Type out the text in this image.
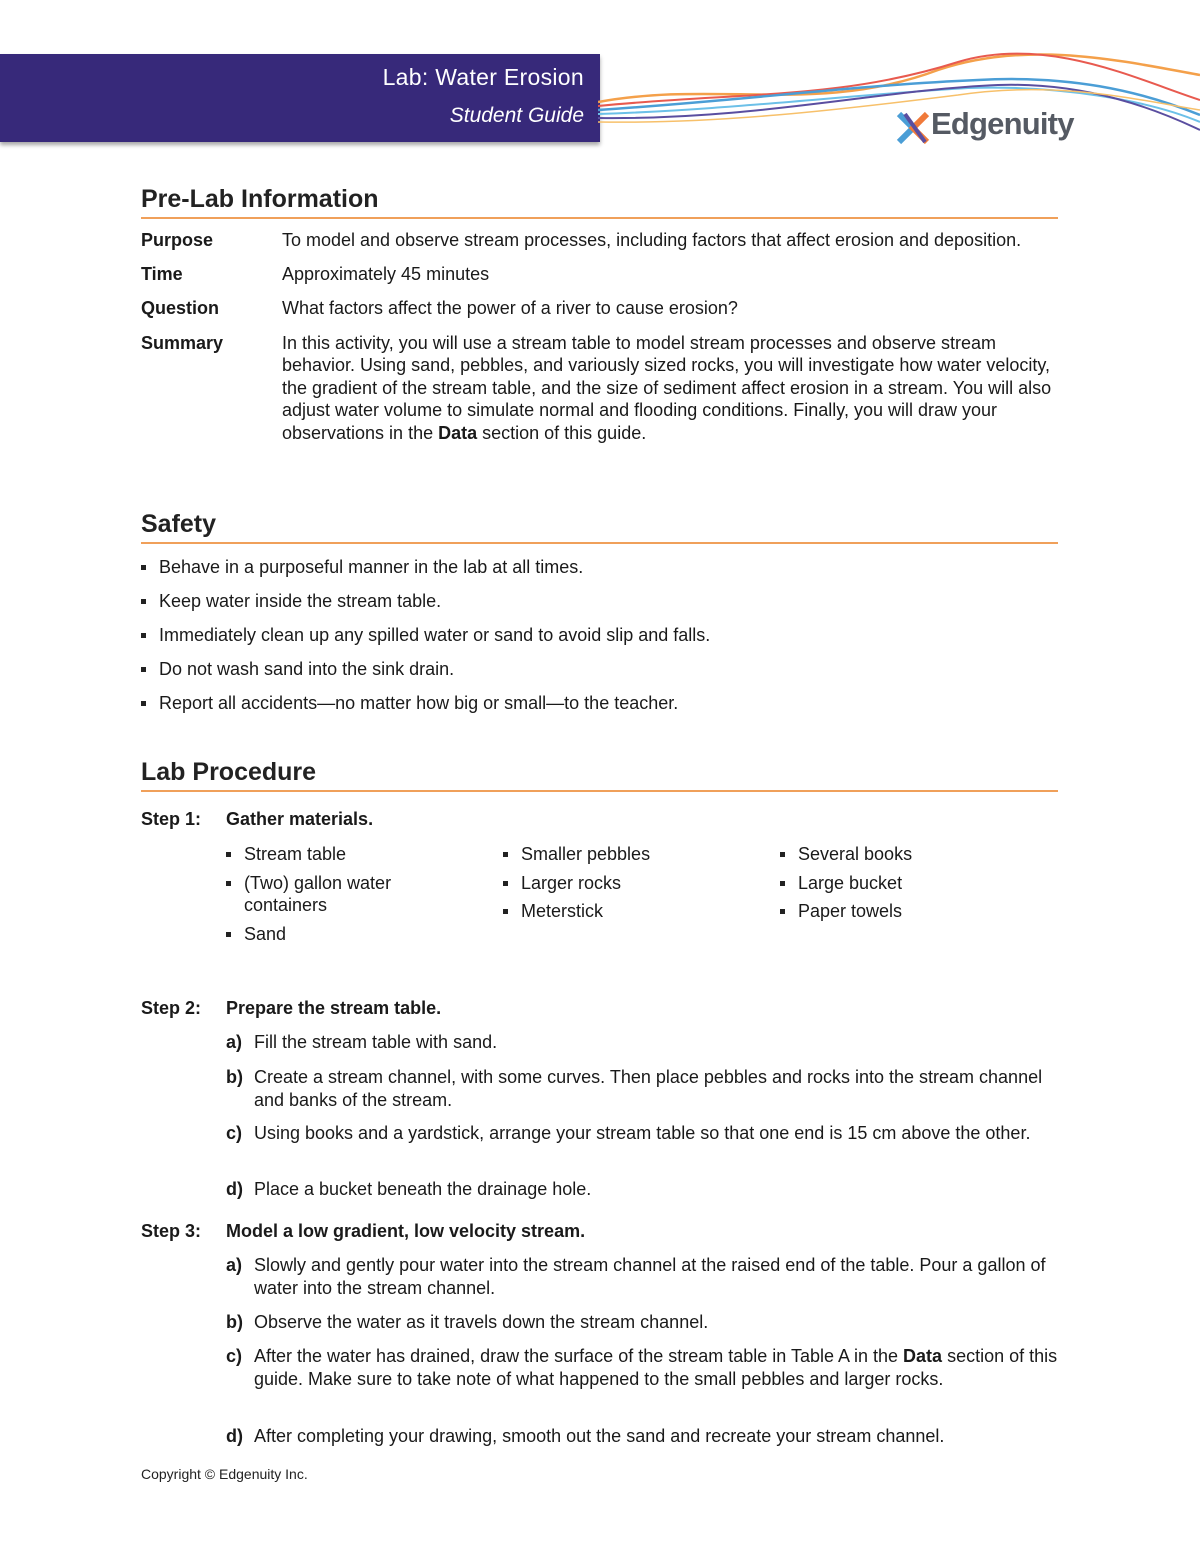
Lab: Water Erosion
Student Guide	Edgenuity
Pre-Lab Information
Purpose	To model and observe stream processes, including factors that affect erosion and deposition.
Time	Approximately 45 minutes
Question	What factors affect the power of a river to cause erosion?
Summary	In this activity, you will use a stream table to model stream processes and observe stream behavior. Using sand, pebbles, and variously sized rocks, you will investigate how water velocity, the gradient of the stream table, and the size of sediment affect erosion in a stream. You will also adjust water volume to simulate normal and flooding conditions. Finally, you will draw your observations in the Data section of this guide.
Safety
Behave in a purposeful manner in the lab at all times.
Keep water inside the stream table.
Immediately clean up any spilled water or sand to avoid slip and falls.
Do not wash sand into the sink drain.
Report all accidents—no matter how big or small—to the teacher.
Lab Procedure
Step 1:	Gather materials.
Stream table
(Two) gallon water containers
Sand
Smaller pebbles
Larger rocks
Meterstick
Several books
Large bucket
Paper towels
Step 2:	Prepare the stream table.
a) Fill the stream table with sand.
b) Create a stream channel, with some curves. Then place pebbles and rocks into the stream channel and banks of the stream.
c) Using books and a yardstick, arrange your stream table so that one end is 15 cm above the other.
d) Place a bucket beneath the drainage hole.
Step 3:	Model a low gradient, low velocity stream.
a) Slowly and gently pour water into the stream channel at the raised end of the table. Pour a gallon of water into the stream channel.
b) Observe the water as it travels down the stream channel.
c) After the water has drained, draw the surface of the stream table in Table A in the Data section of this guide. Make sure to take note of what happened to the small pebbles and larger rocks.
d) After completing your drawing, smooth out the sand and recreate your stream channel.
Copyright © Edgenuity Inc.
